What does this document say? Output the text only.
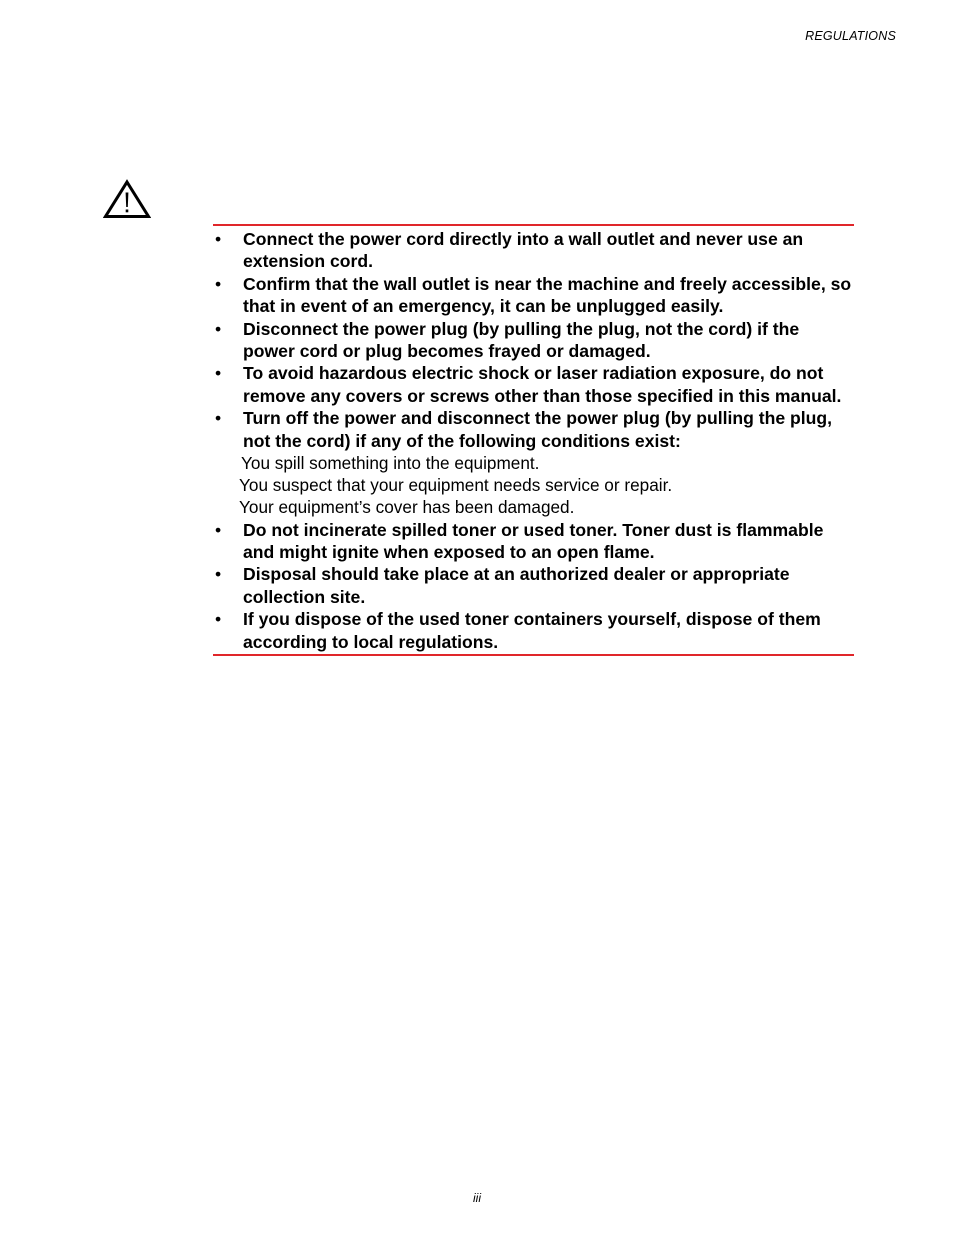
REGULATIONS
• Connect the power cord directly into a wall outlet and never use an extension cord.
• Confirm that the wall outlet is near the machine and freely accessible, so that in event of an emergency, it can be unplugged easily.
• Disconnect the power plug (by pulling the plug, not the cord) if the power cord or plug becomes frayed or damaged.
• To avoid hazardous electric shock or laser radiation exposure, do not remove any covers or screws other than those specified in this manual.
• Turn off the power and disconnect the power plug (by pulling the plug, not the cord) if any of the following conditions exist:
You spill something into the equipment.
You suspect that your equipment needs service or repair.
Your equipment’s cover has been damaged.
• Do not incinerate spilled toner or used toner. Toner dust is flammable and might ignite when exposed to an open flame.
• Disposal should take place at an authorized dealer or appropriate collection site.
• If you dispose of the used toner containers yourself, dispose of them according to local regulations.
iii
